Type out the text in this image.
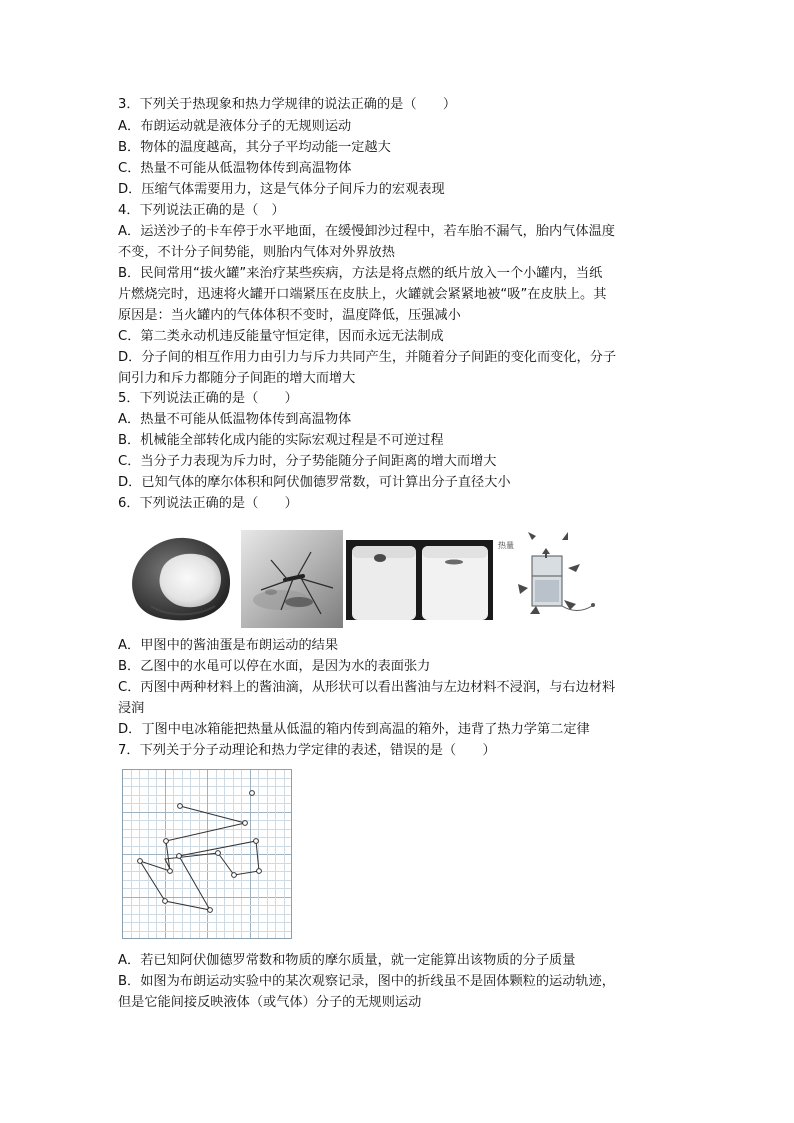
3．下列关于热现象和热力学规律的说法正确的是（　　）
A．布朗运动就是液体分子的无规则运动
B．物体的温度越高，其分子平均动能一定越大
C．热量不可能从低温物体传到高温物体
D．压缩气体需要用力，这是气体分子间斥力的宏观表现
4．下列说法正确的是（　）
A．运送沙子的卡车停于水平地面，在缓慢卸沙过程中，若车胎不漏气，胎内气体温度
不变，不计分子间势能，则胎内气体对外界放热
B．民间常用“拔火罐”来治疗某些疾病，方法是将点燃的纸片放入一个小罐内，当纸
片燃烧完时，迅速将火罐开口端紧压在皮肤上，火罐就会紧紧地被“吸”在皮肤上。其
原因是：当火罐内的气体体积不变时，温度降低，压强减小
C．第二类永动机违反能量守恒定律，因而永远无法制成
D．分子间的相互作用力由引力与斥力共同产生，并随着分子间距的变化而变化，分子
间引力和斥力都随分子间距的增大而增大
5．下列说法正确的是（　　）
A．热量不可能从低温物体传到高温物体
B．机械能全部转化成内能的实际宏观过程是不可逆过程
C．当分子力表现为斥力时，分子势能随分子间距离的增大而增大
D．已知气体的摩尔体积和阿伏伽德罗常数，可计算出分子直径大小
6．下列说法正确的是（　　）
热量
A．甲图中的酱油蛋是布朗运动的结果
B．乙图中的水黾可以停在水面，是因为水的表面张力
C．丙图中两种材料上的酱油滴，从形状可以看出酱油与左边材料不浸润，与右边材料
浸润
D．丁图中电冰箱能把热量从低温的箱内传到高温的箱外，违背了热力学第二定律
7．下列关于分子动理论和热力学定律的表述，错误的是（　　）
A．若已知阿伏伽德罗常数和物质的摩尔质量，就一定能算出该物质的分子质量
B．如图为布朗运动实验中的某次观察记录，图中的折线虽不是固体颗粒的运动轨迹，
但是它能间接反映液体（或气体）分子的无规则运动
